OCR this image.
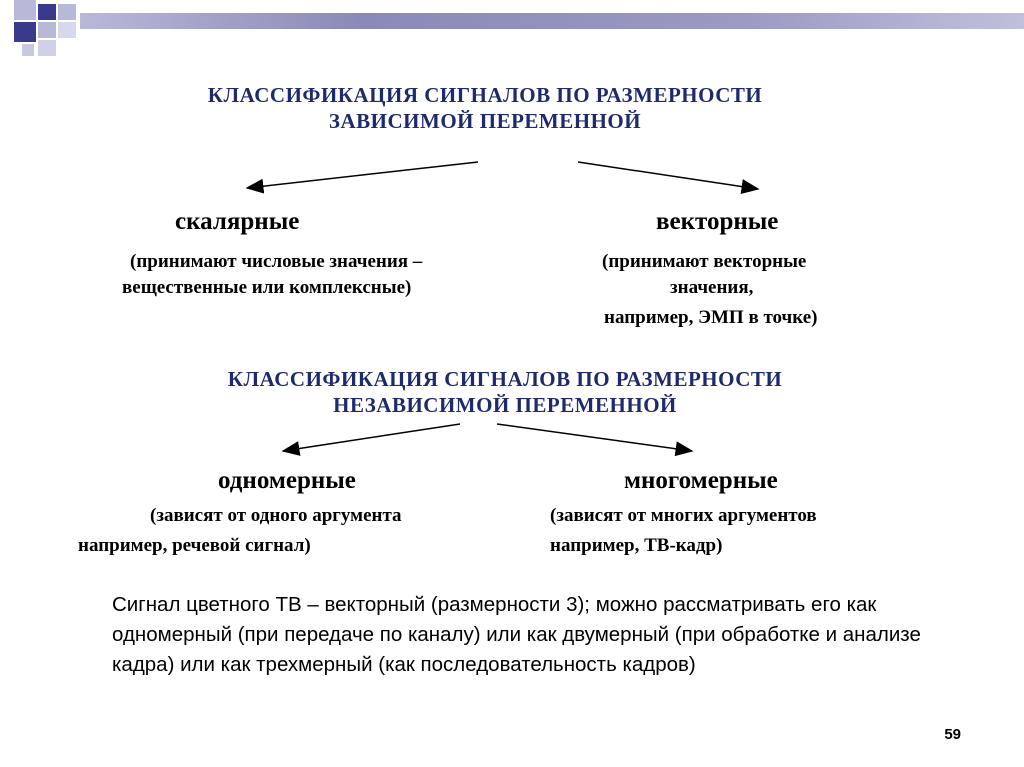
КЛАССИФИКАЦИЯ СИГНАЛОВ ПО РАЗМЕРНОСТИ
ЗАВИСИМОЙ ПЕРЕМЕННОЙ
скалярные
(принимают числовые значения –
вещественные или комплексные)
векторные
(принимают векторные
значения,
например, ЭМП в точке)
КЛАССИФИКАЦИЯ СИГНАЛОВ ПО РАЗМЕРНОСТИ
НЕЗАВИСИМОЙ ПЕРЕМЕННОЙ
одномерные
(зависят от одного аргумента
например, речевой сигнал)
многомерные
(зависят от многих аргументов
например, ТВ-кадр)
Сигнал цветного ТВ – векторный (размерности 3); можно рассматривать его как одномерный (при передаче по каналу) или как двумерный (при обработке и анализе кадра) или как трехмерный (как последовательность кадров)
59
